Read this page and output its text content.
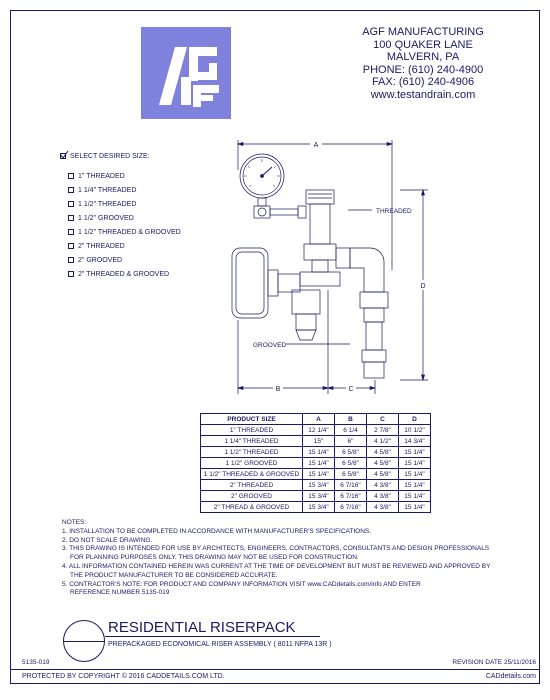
AGF
AGF MANUFACTURING
100 QUAKER LANE
MALVERN, PA
PHONE: (610) 240-4900
FAX: (610) 240-4906
www.testandrain.com
SELECT DESIRED SIZE:
1" THREADED
1 1/4" THREADED
1 1/2" THREADED
1 1/2" GROOVED
1 1/2" THREADED & GROOVED
2" THREADED
2" GROOVED
2" THREADED & GROOVED
A
D
THREADED
GROOVED
B	C
PRODUCT SIZE	A	B	C	D
1" THREADED	12 1/4"	6 1/4	2 7/8"	10 1/2"
1 1/4" THREADED	15"	6"	4 1/2"	14 3/4"
1 1/2" THREADED	15 1/4"	6 5/8"	4 5/8"	15 1/4"
1 1/2" GROOVED	15 1/4"	6 5/8"	4 5/8"	15 1/4"
1 1/2" THREADED & GROOVED	15 1/4"	6 5/8"	4 5/8"	15 1/4"
2" THREADED	15 3/4"	6 7/16"	4 3/8"	15 1/4"
2" GROOVED	15 3/4"	6 7/16"	4 3/8"	15 1/4"
2" THREAD & GROOVED	15 3/4"	6 7/16"	4 3/8"	15 1/4"
NOTES:
1. INSTALLATION TO BE COMPLETED IN ACCORDANCE WITH MANUFACTURER'S SPECIFICATIONS.
2. DO NOT SCALE DRAWING.
3. THIS DRAWING IS INTENDED FOR USE BY ARCHITECTS, ENGINEERS, CONTRACTORS, CONSULTANTS AND DESIGN PROFESSIONALS
FOR PLANNING PURPOSES ONLY. THIS DRAWING MAY NOT BE USED FOR CONSTRUCTION.
4. ALL INFORMATION CONTAINED HEREIN WAS CURRENT AT THE TIME OF DEVELOPMENT BUT MUST BE REVIEWED AND APPROVED BY
THE PRODUCT MANUFACTURER TO BE CONSIDERED ACCURATE.
5. CONTRACTOR'S NOTE: FOR PRODUCT AND COMPANY INFORMATION VISIT www.CADdetails.com/info AND ENTER
REFERENCE NUMBER 5135-019
RESIDENTIAL RISERPACK
PREPACKAGED ECONOMICAL RISER ASSEMBLY ( 8011 NFPA 13R )
5135-019	REVISION DATE 25/11/2016
PROTECTED BY COPYRIGHT © 2016 CADDETAILS.COM LTD.	CADdetails.com
